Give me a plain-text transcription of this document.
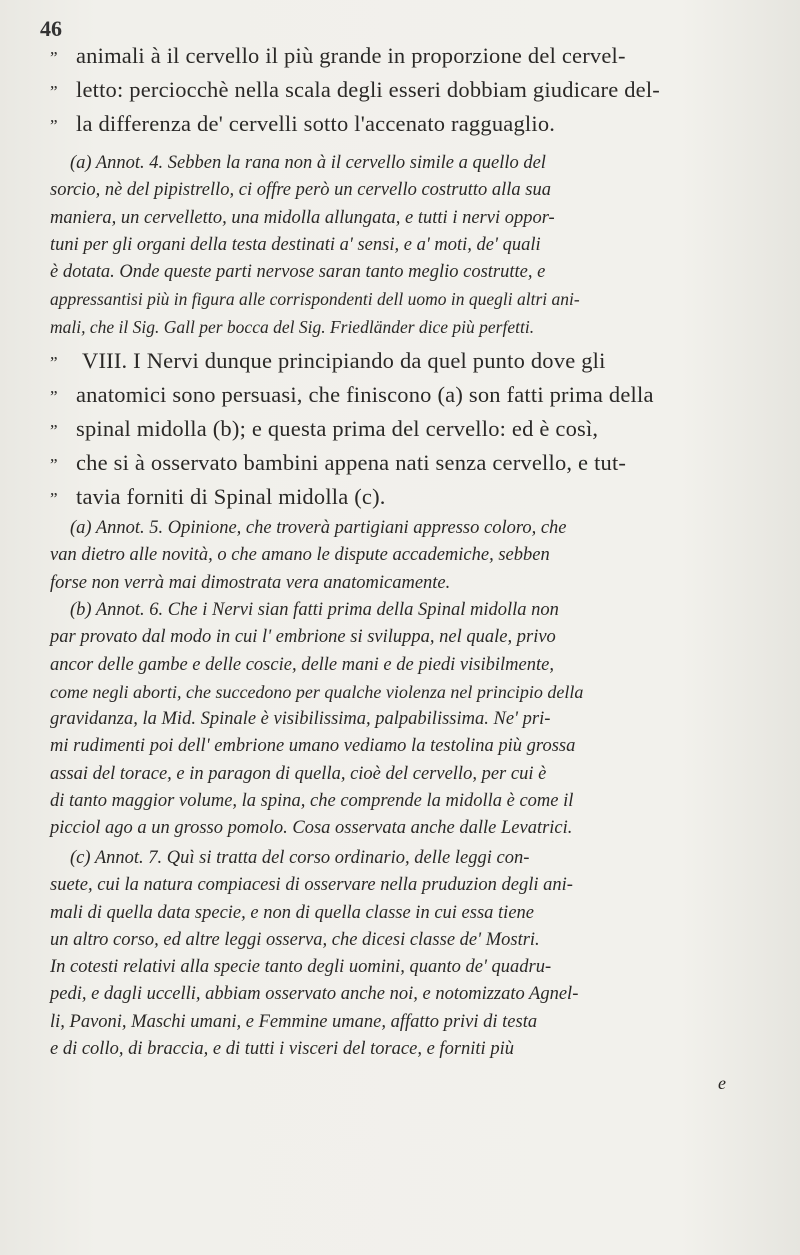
46
” animali à il cervello il più grande in proporzione del cervel-
” letto: perciocchè nella scala degli esseri dobbiam giudicare del-
” la differenza de' cervelli sotto l'accenato ragguaglio.
(a) Annot. 4. Sebben la rana non à il cervello simile a quello del
sorcio, nè del pipistrello, ci offre però un cervello costrutto alla sua
maniera, un cervelletto, una midolla allungata, e tutti i nervi oppor-
tuni per gli organi della testa destinati a' sensi, e a' moti, de' quali
è dotata. Onde queste parti nervose saran tanto meglio costrutte, e
appressantisi più in figura alle corrispondenti dell uomo in quegli altri ani-
mali, che il Sig. Gall per bocca del Sig. Friedländer dice più perfetti.
” VIII. I Nervi dunque principiando da quel punto dove gli
” anatomici sono persuasi, che finiscono (a) son fatti prima della
” spinal midolla (b); e questa prima del cervello: ed è così,
” che si à osservato bambini appena nati senza cervello, e tut-
” tavia forniti di Spinal midolla (c).
(a) Annot. 5. Opinione, che troverà partigiani appresso coloro, che
van dietro alle novità, o che amano le dispute accademiche, sebben
forse non verrà mai dimostrata vera anatomicamente.
(b) Annot. 6. Che i Nervi sian fatti prima della Spinal midolla non
par provato dal modo in cui l' embrione si sviluppa, nel quale, privo
ancor delle gambe e delle coscie, delle mani e de piedi visibilmente,
come negli aborti, che succedono per qualche violenza nel principio della
gravidanza, la Mid. Spinale è visibilissima, palpabilissima. Ne' pri-
mi rudimenti poi dell' embrione umano vediamo la testolina più grossa
assai del torace, e in paragon di quella, cioè del cervello, per cui è
di tanto maggior volume, la spina, che comprende la midolla è come il
picciol ago a un grosso pomolo. Cosa osservata anche dalle Levatrici.
(c) Annot. 7. Quì si tratta del corso ordinario, delle leggi con-
suete, cui la natura compiacesi di osservare nella pruduzion degli ani-
mali di quella data specie, e non di quella classe in cui essa tiene
un altro corso, ed altre leggi osserva, che dicesi classe de' Mostri.
In cotesti relativi alla specie tanto degli uomini, quanto de' quadru-
pedi, e dagli uccelli, abbiam osservato anche noi, e notomizzato Agnel-
li, Pavoni, Maschi umani, e Femmine umane, affatto privi di testa
e di collo, di braccia, e di tutti i visceri del torace, e forniti più
e
